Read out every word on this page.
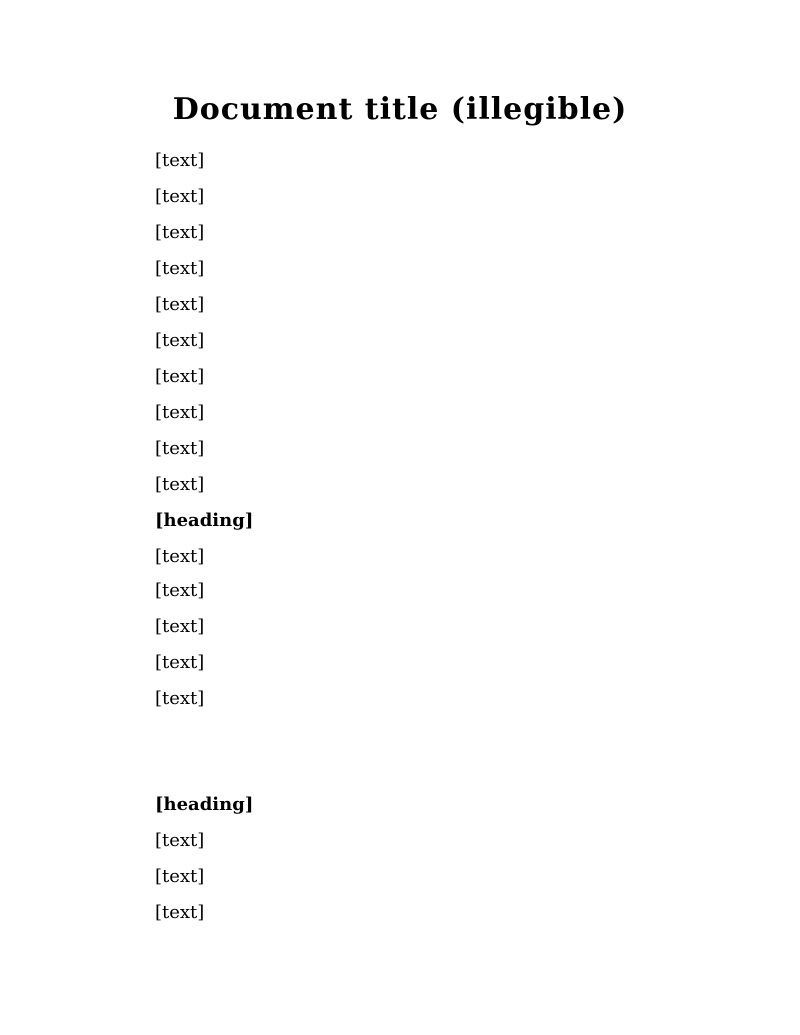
Document title (illegible)
[text]
[text]
[text]
[text]
[text]
[text]
[text]
[text]
[text]
[text]
[heading]
[text]
[text]
[text]
[text]
[text]
[heading]
[text]
[text]
[text]
